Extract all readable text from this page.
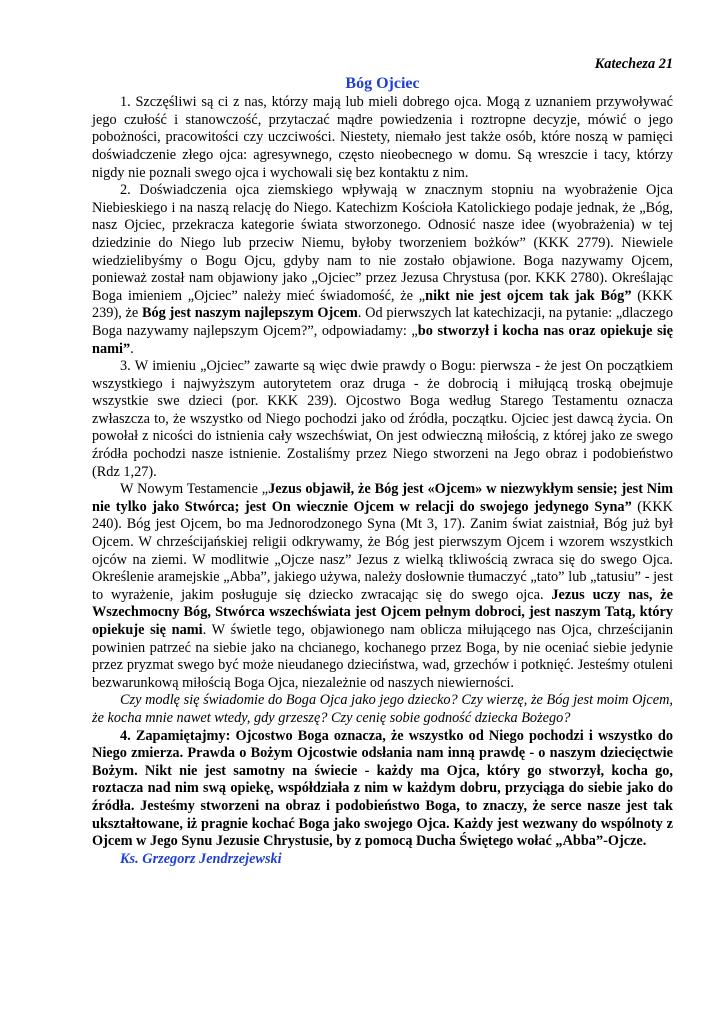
Katecheza 21
Bóg Ojciec

1. Szczęśliwi są ci z nas, którzy mają lub mieli dobrego ojca. Mogą z uznaniem przywoływać jego czułość i stanowczość, przytaczać mądre powiedzenia i roztropne decyzje, mówić o jego pobożności, pracowitości czy uczciwości. Niestety, niemało jest także osób, które noszą w pamięci doświadczenie złego ojca: agresywnego, często nieobecnego w domu. Są wreszcie i tacy, którzy nigdy nie poznali swego ojca i wychowali się bez kontaktu z nim.

2. Doświadczenia ojca ziemskiego wpływają w znacznym stopniu na wyobrażenie Ojca Niebieskiego i na naszą relację do Niego. Katechizm Kościoła Katolickiego podaje jednak, że „Bóg, nasz Ojciec, przekracza kategorie świata stworzonego. Odnosić nasze idee (wyobrażenia) w tej dziedzinie do Niego lub przeciw Niemu, byłoby tworzeniem bożków” (KKK 2779). Niewiele wiedzielibyśmy o Bogu Ojcu, gdyby nam to nie zostało objawione. Boga nazywamy Ojcem, ponieważ został nam objawiony jako „Ojciec” przez Jezusa Chrystusa (por. KKK 2780). Określając Boga imieniem „Ojciec” należy mieć świadomość, że „nikt nie jest ojcem tak jak Bóg” (KKK 239), że Bóg jest naszym najlepszym Ojcem. Od pierwszych lat katechizacji, na pytanie: „dlaczego Boga nazywamy najlepszym Ojcem?”, odpowiadamy: „bo stworzył i kocha nas oraz opiekuje się nami”.

3. W imieniu „Ojciec” zawarte są więc dwie prawdy o Bogu: pierwsza - że jest On początkiem wszystkiego i najwyższym autorytetem oraz druga - że dobrocią i miłującą troską obejmuje wszystkie swe dzieci (por. KKK 239). Ojcostwo Boga według Starego Testamentu oznacza zwłaszcza to, że wszystko od Niego pochodzi jako od źródła, początku. Ojciec jest dawcą życia. On powołał z nicości do istnienia cały wszechświat, On jest odwieczną miłością, z której jako ze swego źródła pochodzi nasze istnienie. Zostaliśmy przez Niego stworzeni na Jego obraz i podobieństwo (Rdz 1,27).

W Nowym Testamencie „Jezus objawił, że Bóg jest «Ojcem» w niezwykłym sensie; jest Nim nie tylko jako Stwórca; jest On wiecznie Ojcem w relacji do swojego jedynego Syna” (KKK 240). Bóg jest Ojcem, bo ma Jednorodzonego Syna (Mt 3, 17). Zanim świat zaistniał, Bóg już był Ojcem. W chrześcijańskiej religii odkrywamy, że Bóg jest pierwszym Ojcem i wzorem wszystkich ojców na ziemi. W modlitwie „Ojcze nasz” Jezus z wielką tkliwością zwraca się do swego Ojca. Określenie aramejskie „Abba”, jakiego używa, należy dosłownie tłumaczyć „tato” lub „tatusiu” - jest to wyrażenie, jakim posługuje się dziecko zwracając się do swego ojca. Jezus uczy nas, że Wszechmocny Bóg, Stwórca wszechświata jest Ojcem pełnym dobroci, jest naszym Tatą, który opiekuje się nami. W świetle tego, objawionego nam oblicza miłującego nas Ojca, chrześcijanin powinien patrzeć na siebie jako na chcianego, kochanego przez Boga, by nie oceniać siebie jedynie przez pryzmat swego być może nieudanego dzieciństwa, wad, grzechów i potknięć. Jesteśmy otuleni bezwarunkową miłością Boga Ojca, niezależnie od naszych niewierności.

Czy modlę się świadomie do Boga Ojca jako jego dziecko? Czy wierzę, że Bóg jest moim Ojcem, że kocha mnie nawet wtedy, gdy grzeszę? Czy cenię sobie godność dziecka Bożego?

4. Zapamiętajmy: Ojcostwo Boga oznacza, że wszystko od Niego pochodzi i wszystko do Niego zmierza. Prawda o Bożym Ojcostwie odsłania nam inną prawdę - o naszym dziecięctwie Bożym. Nikt nie jest samotny na świecie - każdy ma Ojca, który go stworzył, kocha go, roztacza nad nim swą opiekę, współdziała z nim w każdym dobru, przyciąga do siebie jako do źródła. Jesteśmy stworzeni na obraz i podobieństwo Boga, to znaczy, że serce nasze jest tak ukształtowane, iż pragnie kochać Boga jako swojego Ojca. Każdy jest wezwany do wspólnoty z Ojcem w Jego Synu Jezusie Chrystusie, by z pomocą Ducha Świętego wołać „Abba”-Ojcze.

Ks. Grzegorz Jendrzejewski
